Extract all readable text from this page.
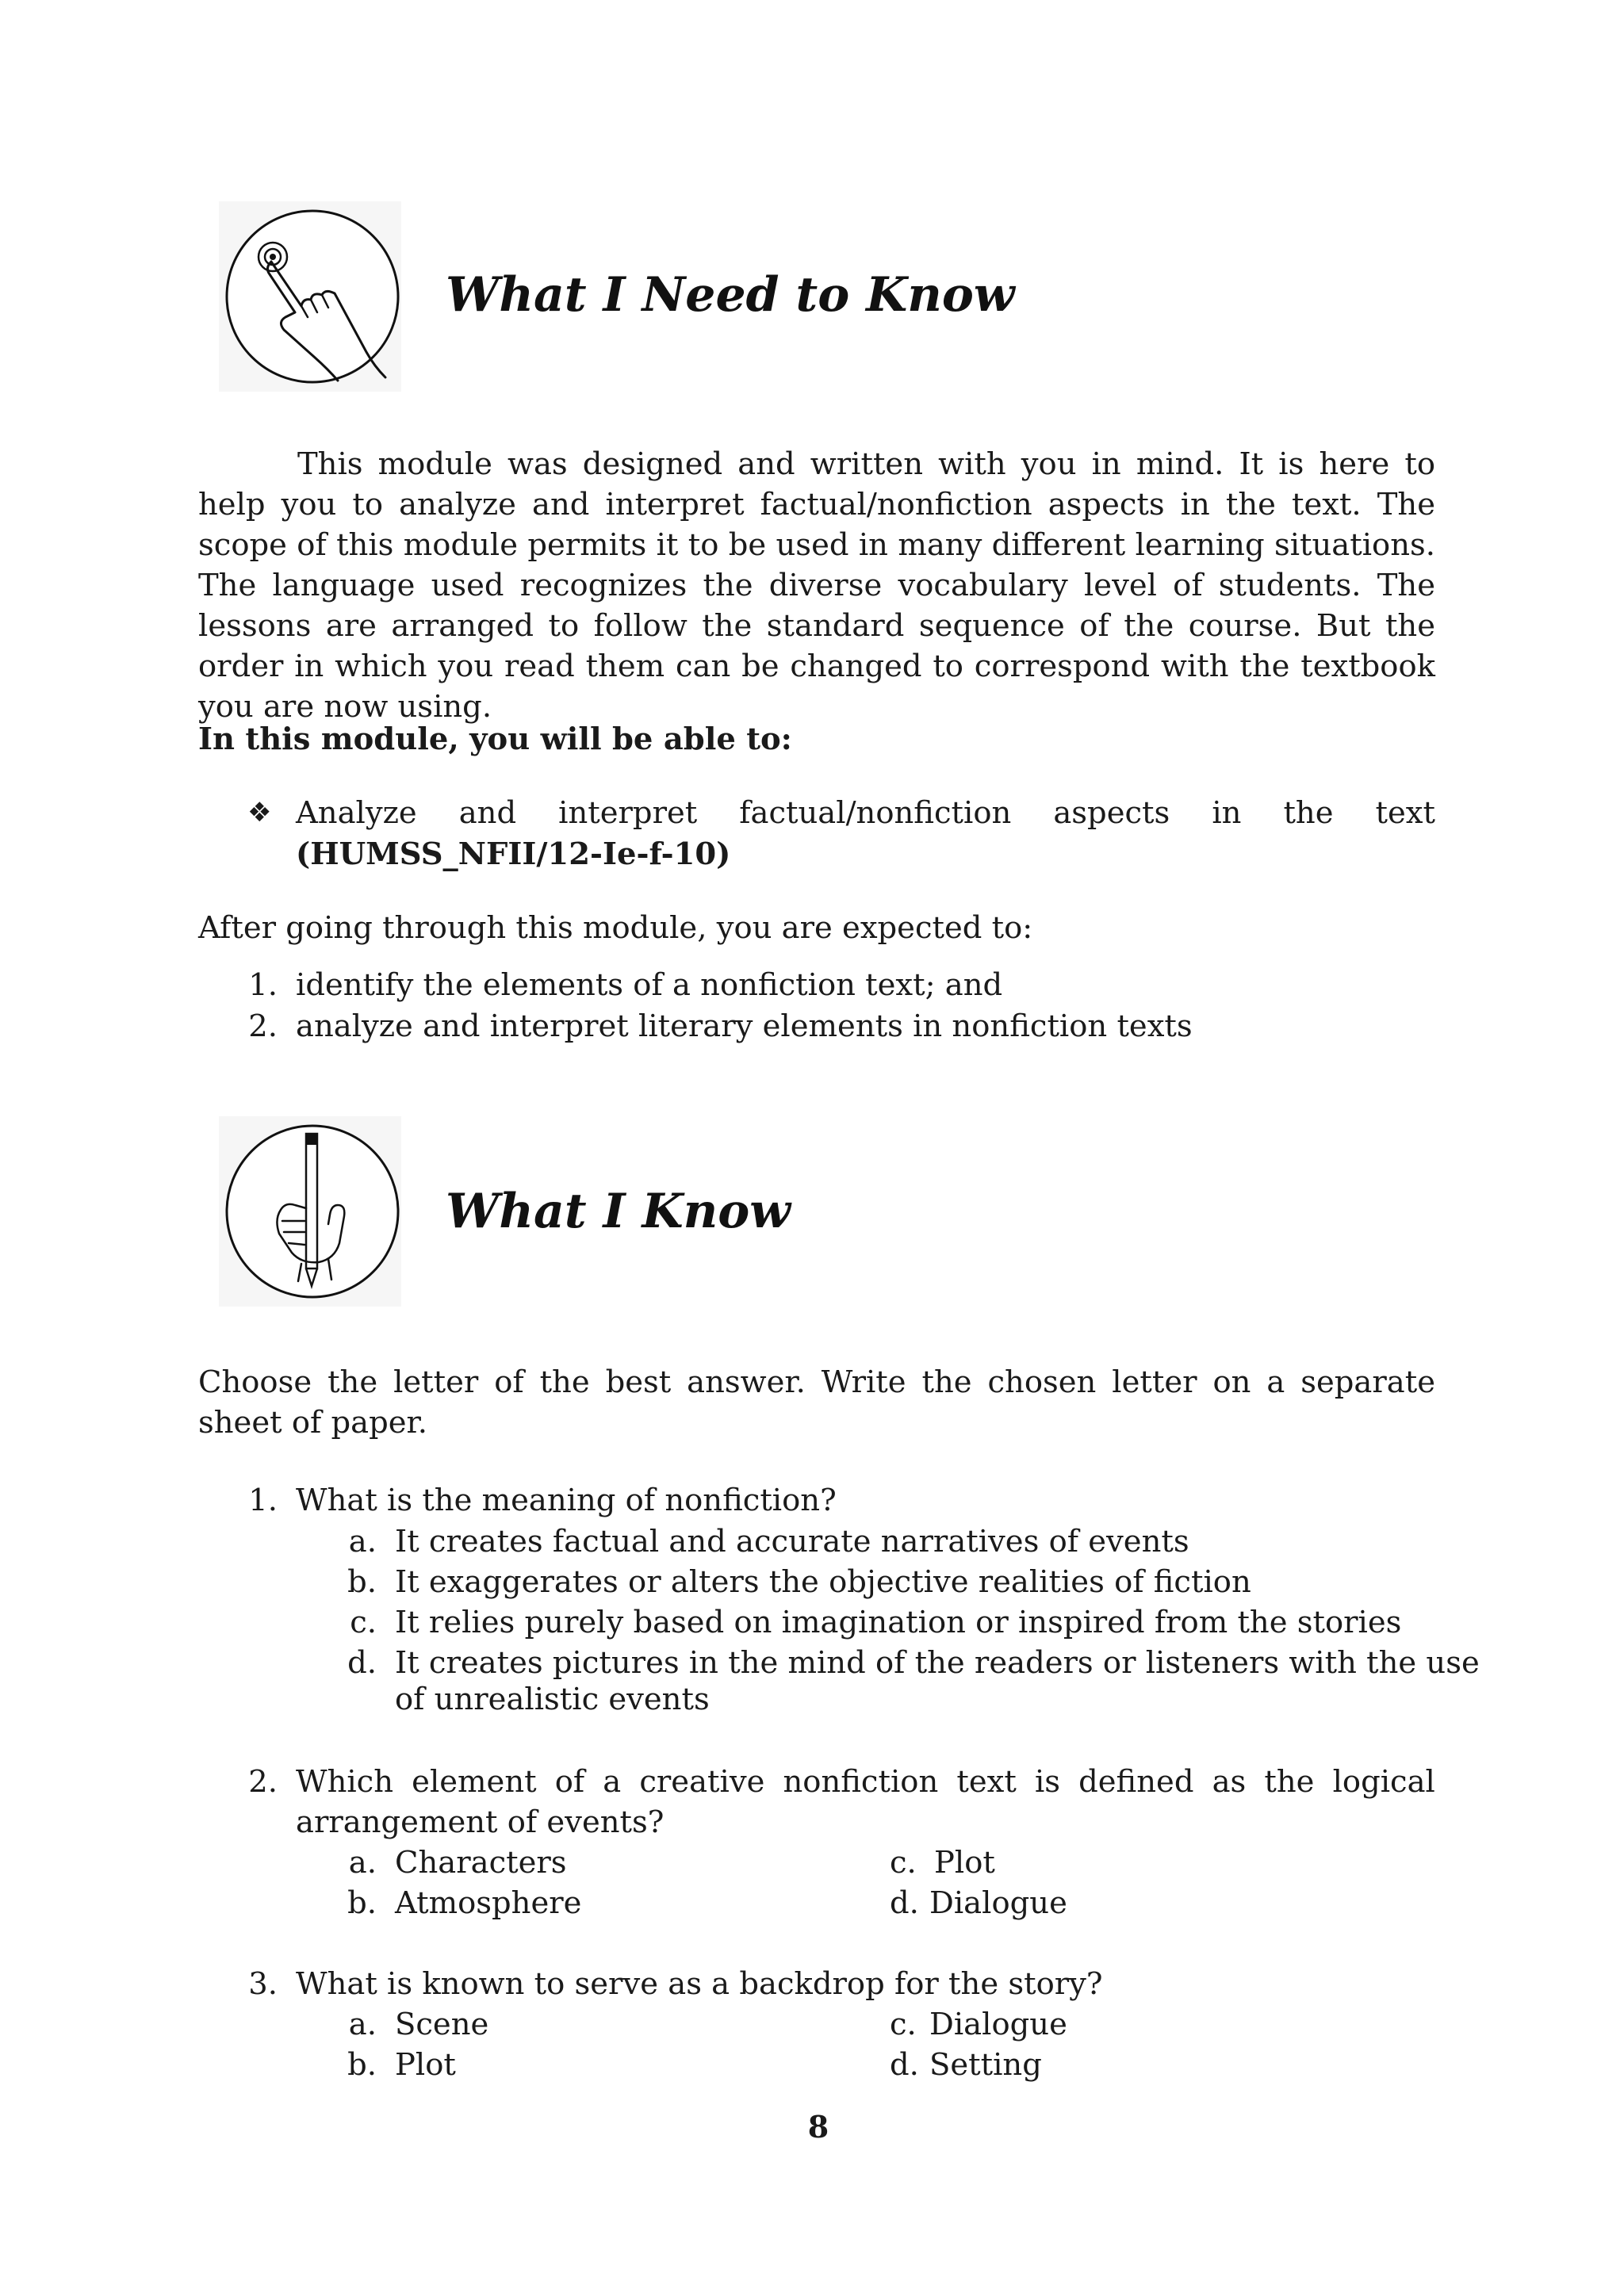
What I Need to Know
This module was designed and written with you in mind. It is here to help you to analyze and interpret factual/nonfiction aspects in the text. The scope of this module permits it to be used in many different learning situations. The language used recognizes the diverse vocabulary level of students. The lessons are arranged to follow the standard sequence of the course. But the order in which you read them can be changed to correspond with the textbook you are now using.
In this module, you will be able to:
❖ Analyze and interpret factual/nonfiction aspects in the text
(HUMSS_NFII/12-Ie-f-10)
After going through this module, you are expected to:
1. identify the elements of a nonfiction text; and
2. analyze and interpret literary elements in nonfiction texts
What I Know
Choose the letter of the best answer. Write the chosen letter on a separate sheet of paper.
1. What is the meaning of nonfiction?
a. It creates factual and accurate narratives of events
b. It exaggerates or alters the objective realities of fiction
c. It relies purely based on imagination or inspired from the stories
d. It creates pictures in the mind of the readers or listeners with the use
of unrealistic events
2. Which element of a creative nonfiction text is defined as the logical
arrangement of events?
a. Characters	c. Plot
b. Atmosphere	d. Dialogue
3. What is known to serve as a backdrop for the story?
a. Scene	c. Dialogue
b. Plot	d. Setting
8
